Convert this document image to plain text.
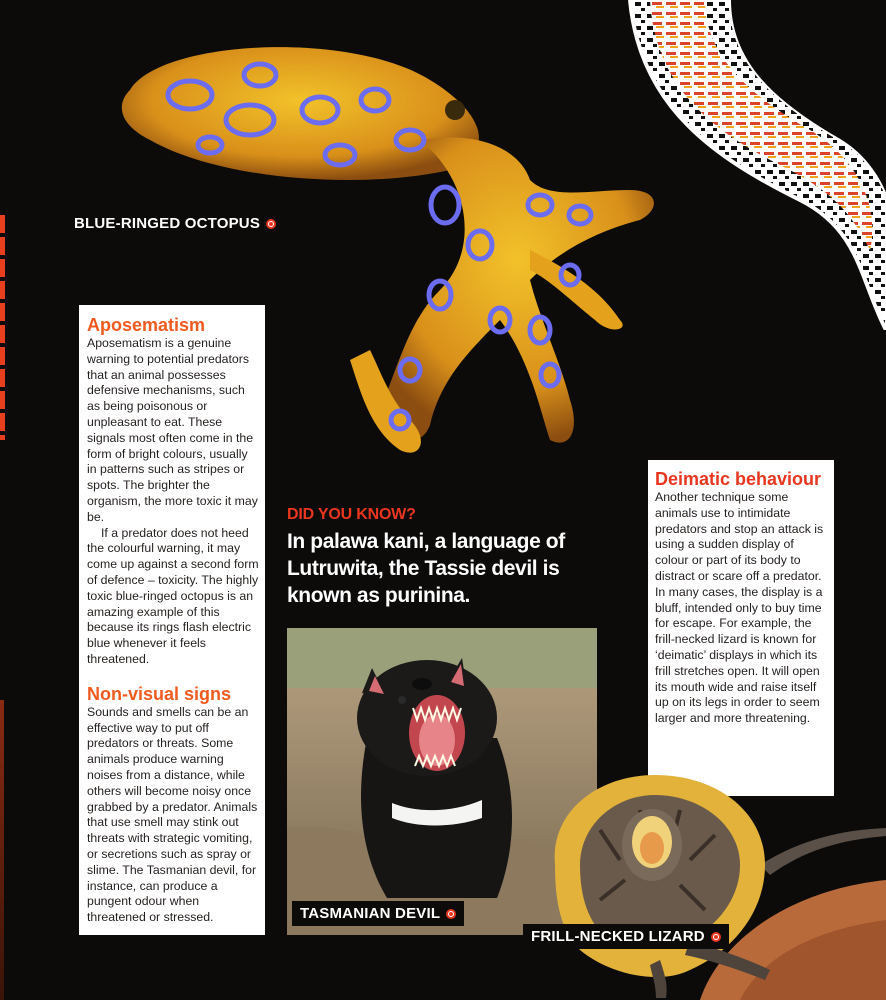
BLUE-RINGED OCTOPUS
Aposematism

Aposematism is a genuine warning to potential predators that an animal possesses defensive mechanisms, such as being poisonous or unpleasant to eat. These signals most often come in the form of bright colours, usually in patterns such as stripes or spots. The brighter the organism, the more toxic it may be.

If a predator does not heed the colourful warning, it may come up against a second form of defence – toxicity. The highly toxic blue-ringed octopus is an amazing example of this because its rings flash electric blue whenever it feels threatened.

Non-visual signs

Sounds and smells can be an effective way to put off predators or threats. Some animals produce warning noises from a distance, while others will become noisy once grabbed by a predator. Animals that use smell may stink out threats with strategic vomiting, or secretions such as spray or slime. The Tasmanian devil, for instance, can produce a pungent odour when threatened or stressed.

DID YOU KNOW?
In palawa kani, a language of Lutruwita, the Tassie devil is known as purinina.
TASMANIAN DEVIL
Deimatic behaviour

Another technique some animals use to intimidate predators and stop an attack is using a sudden display of colour or part of its body to distract or scare off a predator. In many cases, the display is a bluff, intended only to buy time for escape. For example, the frill-necked lizard is known for ‘deimatic’ displays in which its frill stretches open. It will open its mouth wide and raise itself up on its legs in order to seem larger and more threatening.

FRILL-NECKED LIZARD
